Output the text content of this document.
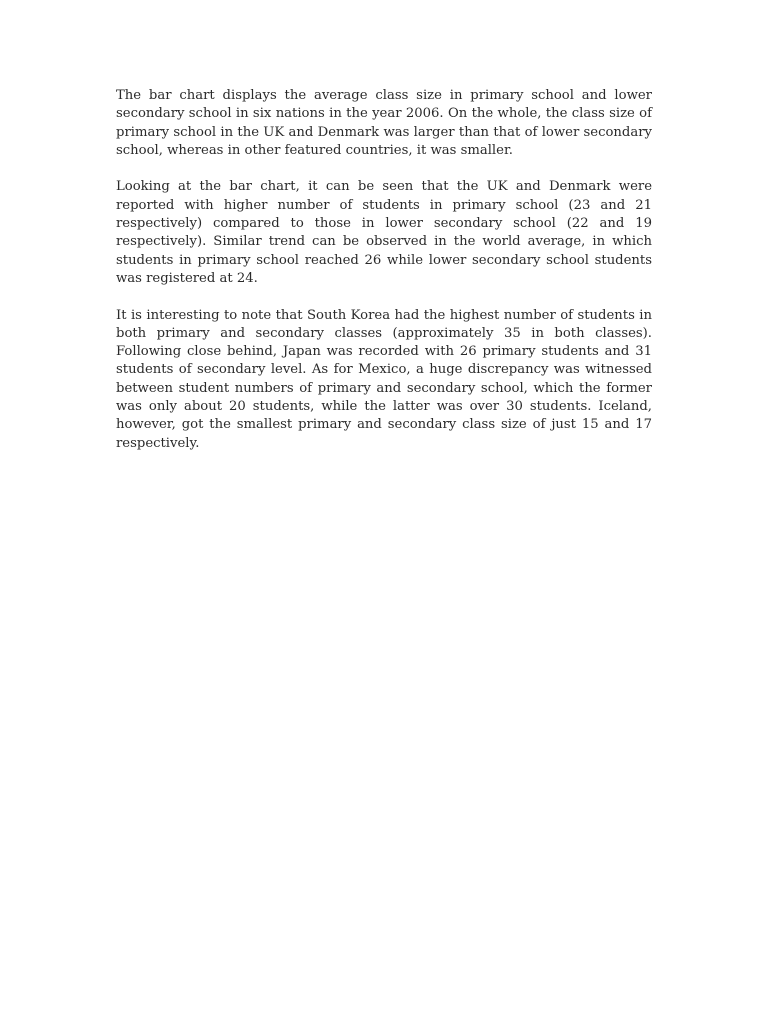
The bar chart displays the average class size in primary school and lower secondary school in six nations in the year 2006. On the whole, the class size of primary school in the UK and Denmark was larger than that of lower secondary school, whereas in other featured countries, it was smaller.

Looking at the bar chart, it can be seen that the UK and Denmark were reported with higher number of students in primary school (23 and 21 respectively) compared to those in lower secondary school (22 and 19 respectively). Similar trend can be observed in the world average, in which students in primary school reached 26 while lower secondary school students was registered at 24.

It is interesting to note that South Korea had the highest number of students in both primary and secondary classes (approximately 35 in both classes). Following close behind, Japan was recorded with 26 primary students and 31 students of secondary level. As for Mexico, a huge discrepancy was witnessed between student numbers of primary and secondary school, which the former was only about 20 students, while the latter was over 30 students. Iceland, however, got the smallest primary and secondary class size of just 15 and 17 respectively.
